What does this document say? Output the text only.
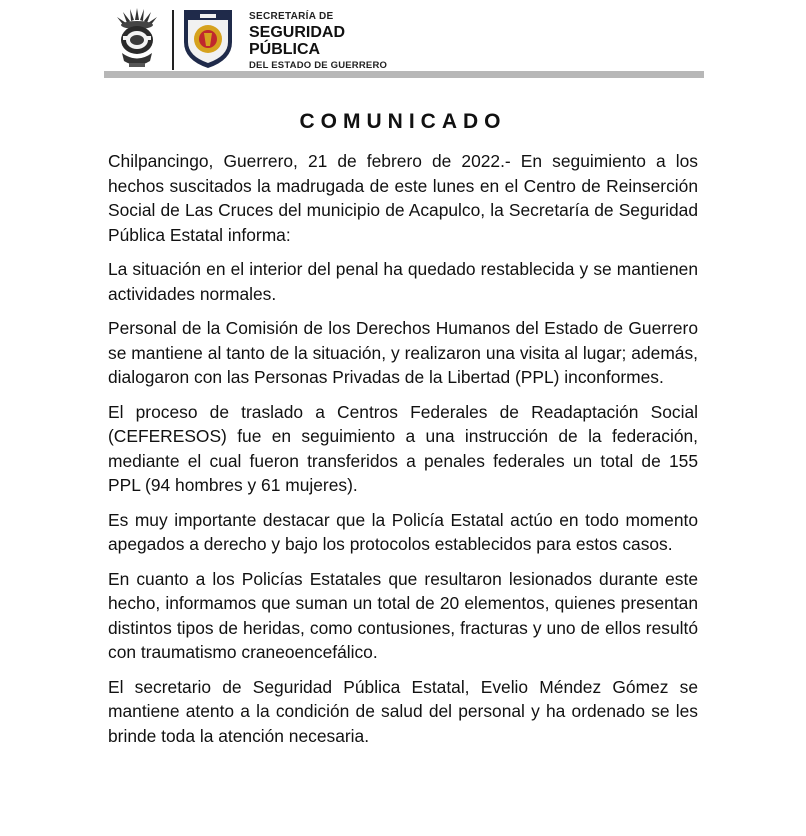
SECRETARÍA DE
SEGURIDAD
PÚBLICA
DEL ESTADO DE GUERRERO
COMUNICADO

Chilpancingo, Guerrero, 21 de febrero de 2022.- En seguimiento a los hechos suscitados la madrugada de este lunes en el Centro de Reinserción Social de Las Cruces del municipio de Acapulco, la Secretaría de Seguridad Pública Estatal informa:

La situación en el interior del penal ha quedado restablecida y se mantienen actividades normales.

Personal de la Comisión de los Derechos Humanos del Estado de Guerrero se mantiene al tanto de la situación, y realizaron una visita al lugar; además, dialogaron con las Personas Privadas de la Libertad (PPL) inconformes.

El proceso de traslado a Centros Federales de Readaptación Social (CEFERESOS) fue en seguimiento a una instrucción de la federación, mediante el cual fueron transferidos a penales federales un total de 155 PPL (94 hombres y 61 mujeres).

Es muy importante destacar que la Policía Estatal actúo en todo momento apegados a derecho y bajo los protocolos establecidos para estos casos.

En cuanto a los Policías Estatales que resultaron lesionados durante este hecho, informamos que suman un total de 20 elementos, quienes presentan distintos tipos de heridas, como contusiones, fracturas y uno de ellos resultó con traumatismo craneoencefálico.

El secretario de Seguridad Pública Estatal, Evelio Méndez Gómez se mantiene atento a la condición de salud del personal y ha ordenado se les brinde toda la atención necesaria.
